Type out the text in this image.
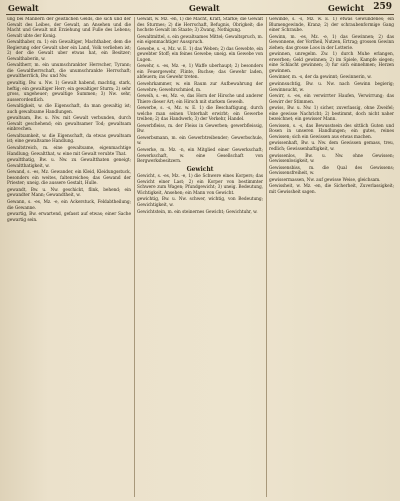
Gewalt	Gewalt	Gewicht 259

ung bei Mannern der geistlichen Gelds, die sich und der Gewalt des Leibes, der Gewalt, an Ansehen und die Macht und Gewalt mit Erziehung und Fulle des Lebens; Gewalt ubte der Konig.

Gewalthaber, m. 1) ein Gewaltiger, Machthaber, dem die Regierung oder Gewalt uber ein Land, Volk verliehen ist; 2) der die Gewalt uber etwas hat, ein Besitzer; Gewalthaberin, w.

Gewaltherr, m. ein unumschrankter Herrscher, Tyrann; die Gewaltherrschaft, die unumschrankte Herrschaft; gewaltherrlich, Bw. und Nw.

gewaltig, Bw. u. Nw. 1) Gewalt habend, machtig, stark, heftig; ein gewaltiger Herr; ein gewaltiger Sturm; 2) sehr gross, ungeheuer; gewaltige Summen; 3) Nw. sehr, ausserordentlich.

Gewaltigkeit, w. die Eigenschaft, da man gewaltig ist; auch gewaltsame Handlungen.

gewaltsam, Bw. u. Nw. mit Gewalt verbunden, durch Gewalt geschehend; ein gewaltsamer Tod; gewaltsam einbrechen.

Gewaltsamkeit, w. die Eigenschaft, da etwas gewaltsam ist; eine gewaltsame Handlung.

Gewaltstreich, m. eine gewaltsame, eigenmachtige Handlung; Gewaltthat, w. eine mit Gewalt verubte That.

gewaltthatig, Bw. u. Nw. zu Gewaltthaten geneigt; Gewaltthatigkeit, w.

Gewand, s. -es, Mz. Gewander, ein Kleid, Kleidungsstuck, besonders ein weites, faltenreiches; das Gewand der Priester; uneig. die aussere Gestalt, Hulle.

gewandt, Bw. u. Nw. geschickt, flink, behend; ein gewandter Mann; Gewandtheit, w.

Gewann, s. -es, Mz. -e, ein Ackerstuck, Feldabtheilung; die Gewanne.

gewartig, Bw. erwartend, gefasst auf etwas; einer Sache gewartig sein.

Gewalt, w. Mz. -en, 1) die Macht, Kraft, Starke; die Gewalt des Sturmes; 2) die Herrschaft, Befugnis, Obrigkeit; die hochste Gewalt im Staate; 3) Zwang, Nothigung.

Gewaltmittel, s. ein gewaltsames Mittel; Gewaltspruch, m. ein eigenmachtiger Ausspruch.

Gewebe, s. -s, Mz. w. E. 1) das Weben; 2) das Gewebte, ein gewebter Stoff; ein feines Gewebe; uneig. ein Gewebe von Lugen.

Gewehr, s. -es, Mz. -e, 1) Waffe uberhaupt; 2) besonders ein Feuergewehr, Flinte, Buchse; das Gewehr laden, abfeuern; ins Gewehr treten.

Gewehrkammer, w. ein Raum zur Aufbewahrung der Gewehre; Gewehrschmied, m.

Geweih, s. -es, Mz. -e, das Horn der Hirsche und anderer Thiere dieser Art; ein Hirsch mit starkem Geweih.

Gewerbe, s. -s, Mz. w. E. 1) die Beschaftigung, durch welche man seinen Unterhalt erwirbt; ein Gewerbe treiben; 2) das Handwerk; 3) der Verkehr, Handel.

Gewerbfleiss, m. der Fleiss in Gewerben; gewerbfleissig, Bw.

Gewerbsmann, m. ein Gewerbtreibender; Gewerbschule, w.

Gewerke, m. Mz. -n, ein Mitglied einer Gewerkschaft; Gewerkschaft, w. eine Gesellschaft von Bergwerksbesitzern.

Gewicht

Gewicht, s. -es, Mz. -e, 1) die Schwere eines Korpers; das Gewicht einer Last; 2) ein Korper von bestimmter Schwere zum Wagen; Pfundgewicht; 3) uneig. Bedeutung, Wichtigkeit, Ansehen; ein Mann von Gewicht.

gewichtig, Bw. u. Nw. schwer, wichtig, von Bedeutung; Gewichtigkeit, w.

Gewichtstein, m. ein steinernes Gewicht; Gewichtuhr, w.

Gewinde, s. -s, Mz. w. E. 1) etwas Gewundenes; ein Blumengewinde, Kranz; 2) der schraubenformige Gang einer Schraube.

Gewinn, m. -es, Mz. -e, 1) das Gewinnen; 2) das Gewonnene, der Vortheil, Nutzen, Ertrag; grossen Gewinn ziehen; das grosse Loos in der Lotterie.

gewinnen, unregelm. Zw. 1) durch Muhe erlangen, erwerben; Geld gewinnen; 2) im Spiele, Kampfe siegen; eine Schlacht gewinnen; 3) fur sich einnehmen; Herzen gewinnen.

Gewinner, m. -s, der da gewinnt; Gewinnerin, w.

gewinnsuchtig, Bw. u. Nw. nach Gewinn begierig; Gewinnsucht, w.

Gewirr, s. -es, ein verwirrter Haufen, Verwirrung; das Gewirr der Stimmen.

gewiss, Bw. u. Nw. 1) sicher, zuverlassig, ohne Zweifel; eine gewisse Nachricht; 2) bestimmt, doch nicht naher bezeichnet; ein gewisser Mann.

Gewissen, s. -s, das Bewusstsein des sittlich Guten und Bosen in unseren Handlungen; ein gutes, reines Gewissen; sich ein Gewissen aus etwas machen.

gewissenhaft, Bw. u. Nw. dem Gewissen gemass, treu, redlich; Gewissenhaftigkeit, w.

gewissenlos, Bw. u. Nw. ohne Gewissen; Gewissenlosigkeit, w.

Gewissensbiss, m. die Qual des Gewissens; Gewissensfreiheit, w.

gewissermassen, Nw. auf gewisse Weise, gleichsam.

Gewissheit, w. Mz. -en, die Sicherheit, Zuverlassigkeit; mit Gewissheit sagen.
